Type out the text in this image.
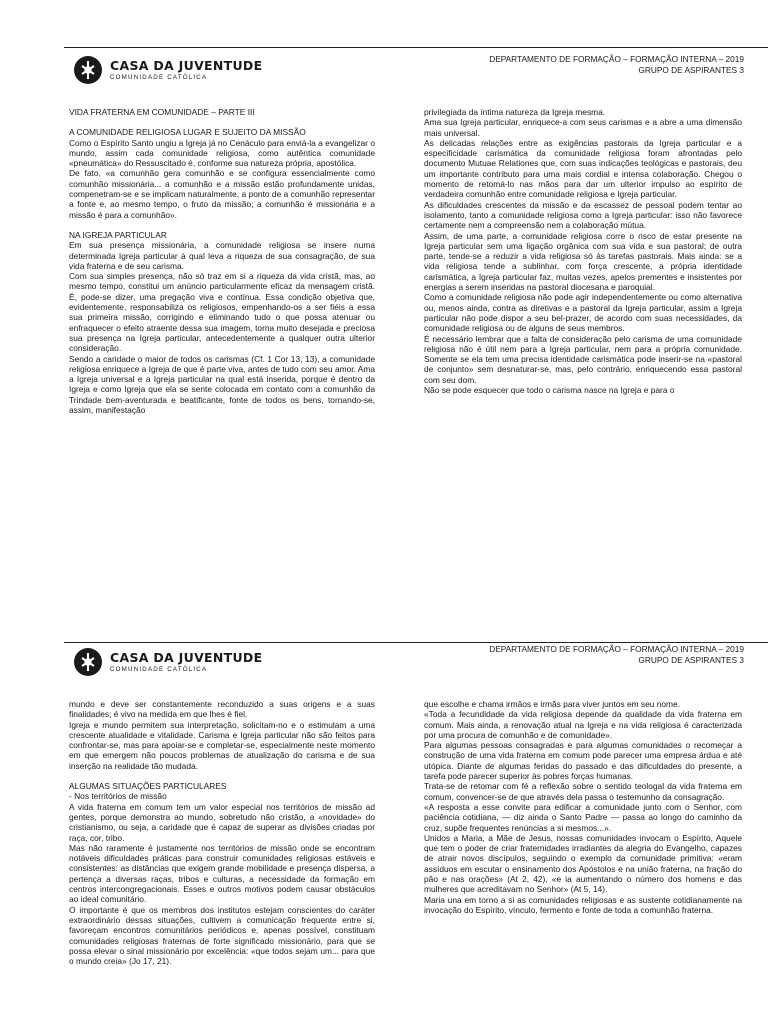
CASA DA JUVENTUDE
COMUNIDADE CATÓLICA
DEPARTAMENTO DE FORMAÇÃO – FORMAÇÃO INTERNA – 2019
GRUPO DE ASPIRANTES 3

VIDA FRATERNA EM COMUNIDADE – PARTE III

A COMUNIDADE RELIGIOSA LUGAR E SUJEITO DA MISSÃO

Como o Espírito Santo ungiu a Igreja já no Cenáculo para enviá-la a evangelizar o mundo, assim cada comunidade religiosa, como autêntica comunidade «pneumática» do Ressuscitado é, conforme sua natureza própria, apostólica.

De fato, «a comunhão gera comunhão e se configura essencialmente como comunhão missionária... a comunhão e a missão estão profundamente unidas, compenetram-se e se implicam naturalmente, a ponto de a comunhão representar a fonte e, ao mesmo tempo, o fruto da missão; a comunhão é missionária e a missão é para a comunhão».

NA IGREJA PARTICULAR

Em sua presença missionária, a comunidade religiosa se insere numa determinada Igreja particular à qual leva a riqueza de sua consagração, de sua vida fraterna e de seu carisma.

Com sua simples presença, não só traz em si a riqueza da vida cristã, mas, ao mesmo tempo, constitui um anúncio particularmente eficaz da mensagem cristã. É, pode-se dizer, uma pregação viva e contínua. Essa condição objetiva que, evidentemente, responsabiliza os religiosos, empenhando-os a ser fiéis a essa sua primeira missão, corrigindo e eliminando tudo o que possa atenuar ou enfraquecer o efeito atraente dessa sua imagem, torna muito desejada e preciosa sua presença na Igreja particular, antecedentemente a qualquer outra ulterior consideração.

Sendo a caridade o maior de todos os carismas (Cf. 1 Cor 13, 13), a comunidade religiosa enriquece a Igreja de que é parte viva, antes de tudo com seu amor. Ama a Igreja universal e a Igreja particular na qual está inserida, porque é dentro da Igreja e como Igreja que ela se sente colocada em contato com a comunhão da Trindade bem-aventurada e beatificante, fonte de todos os bens, tornando-se, assim, manifestação

privilegiada da íntima natureza da Igreja mesma.

Ama sua Igreja particular, enriquece-a com seus carismas e a abre a uma dimensão mais universal.

As delicadas relações entre as exigências pastorais da Igreja particular e a especificidade carismática da comunidade religiosa foram afrontadas pelo documento Mutuae Relationes que, com suas indicações teológicas e pastorais, deu um importante contributo para uma mais cordial e intensa colaboração. Chegou o momento de retomá-lo nas mãos para dar um ulterior impulso ao espírito de verdadeira comunhão entre comunidade religiosa e Igreja particular.

As dificuldades crescentes da missão e da escassez de pessoal podem tentar ao isolamento, tanto a comunidade religiosa como a Igreja particular: isso não favorece certamente nem a compreensão nem a colaboração mútua.

Assim, de uma parte, a comunidade religiosa corre o risco de estar presente na Igreja particular sem uma ligação orgânica com sua vida e sua pastoral; de outra parte, tende-se a reduzir a vida religiosa só às tarefas pastorais. Mais ainda: se a vida religiosa tende a sublinhar, com força crescente, a própria identidade carismática, a Igreja particular faz, muitas vezes, apelos prementes e insistentes por energias a serem inseridas na pastoral diocesana e paroquial.

Como a comunidade religiosa não pode agir independentemente ou como alternativa ou, menos ainda, contra as diretivas e a pastoral da Igreja particular, assim a Igreja particular não pode dispor a seu bel-prazer, de acordo com suas necessidades, da comunidade religiosa ou de alguns de seus membros.

É necessário lembrar que a falta de consideração pelo carisma de uma comunidade religiosa não é útil nem para a Igreja particular, nem para a própria comunidade. Somente se ela tem uma precisa identidade carismática pode inserir-se na «pastoral de conjunto» sem desnaturar-se, mas, pelo contrário, enriquecendo essa pastoral com seu dom.

Não se pode esquecer que todo o carisma nasce na Igreja e para o

CASA DA JUVENTUDE
COMUNIDADE CATÓLICA
DEPARTAMENTO DE FORMAÇÃO – FORMAÇÃO INTERNA – 2019
GRUPO DE ASPIRANTES 3

mundo e deve ser constantemente reconduzido a suas origens e a suas finalidades; é vivo na medida em que lhes é fiel.

Igreja e mundo permitem sua interpretação, solicitam-no e o estimulam a uma crescente atualidade e vitalidade. Carisma e Igreja particular não são feitos para confrontar-se, mas para apoiar-se e completar-se, especialmente neste momento em que emergem não poucos problemas de atualização do carisma e de sua inserção na realidade tão mudada.

ALGUMAS SITUAÇÕES PARTICULARES

- Nos territórios de missão

A vida fraterna em comum tem um valor especial nos territórios de missão ad gentes, porque demonstra ao mundo, sobretudo não cristão, a «novidade» do cristianismo, ou seja, a caridade que é capaz de superar as divisões criadas por raça, cor, tribo.

Mas não raramente é justamente nos territórios de missão onde se encontram notáveis dificuldades práticas para construir comunidades religiosas estáveis e consistentes: as distâncias que exigem grande mobilidade e presença dispersa, a pertença a diversas raças, tribos e culturas, a necessidade da formação em centros intercongregacionais. Esses e outros motivos podem causar obstáculos ao ideal comunitário.

O importante é que os membros dos institutos estejam conscientes do caráter extraordinário dessas situações, cultivem a comunicação frequente entre si, favoreçam encontros comunitários periódicos e, apenas possível, constituam comunidades religiosas fraternas de forte significado missionário, para que se possa elevar o sinal missionário por excelência: «que todos sejam um... para que o mundo creia» (Jo 17, 21).

que escolhe e chama irmãos e irmãs para viver juntos em seu nome.

«Toda a fecundidade da vida religiosa depende da qualidade da vida fraterna em comum. Mais ainda, a renovação atual na Igreja e na vida religiosa é caracterizada por uma procura de comunhão e de comunidade».

Para algumas pessoas consagradas e para algumas comunidades o recomeçar a construção de uma vida fraterna em comum pode parecer uma empresa árdua e até utópica. Diante de algumas feridas do passado e das dificuldades do presente, a tarefa pode parecer superior às pobres forças humanas.

Trata-se de retomar com fé a reflexão sobre o sentido teologal da vida fraterna em comum, convencer-se de que através dela passa o testemunho da consagração.

«A resposta a esse convite para edificar a comunidade junto com o Senhor, com paciência cotidiana, — diz ainda o Santo Padre — passa ao longo do caminho da cruz, supõe frequentes renúncias a si mesmos...».

Unidos a Maria, a Mãe de Jesus, nossas comunidades invocam o Espírito, Aquele que tem o poder de criar fraternidades irradiantes da alegria do Evangelho, capazes de atrair novos discípulos, seguindo o exemplo da comunidade primitiva: «eram assíduos em escutar o ensinamento dos Apóstolos e na união fraterna, na fração do pão e nas orações» (At 2, 42), «e ia aumentando o número dos homens e das mulheres que acreditavam no Senhor» (At 5, 14).

Maria una em torno a si as comunidades religiosas e as sustente cotidianamente na invocação do Espírito, vínculo, fermento e fonte de toda a comunhão fraterna.
